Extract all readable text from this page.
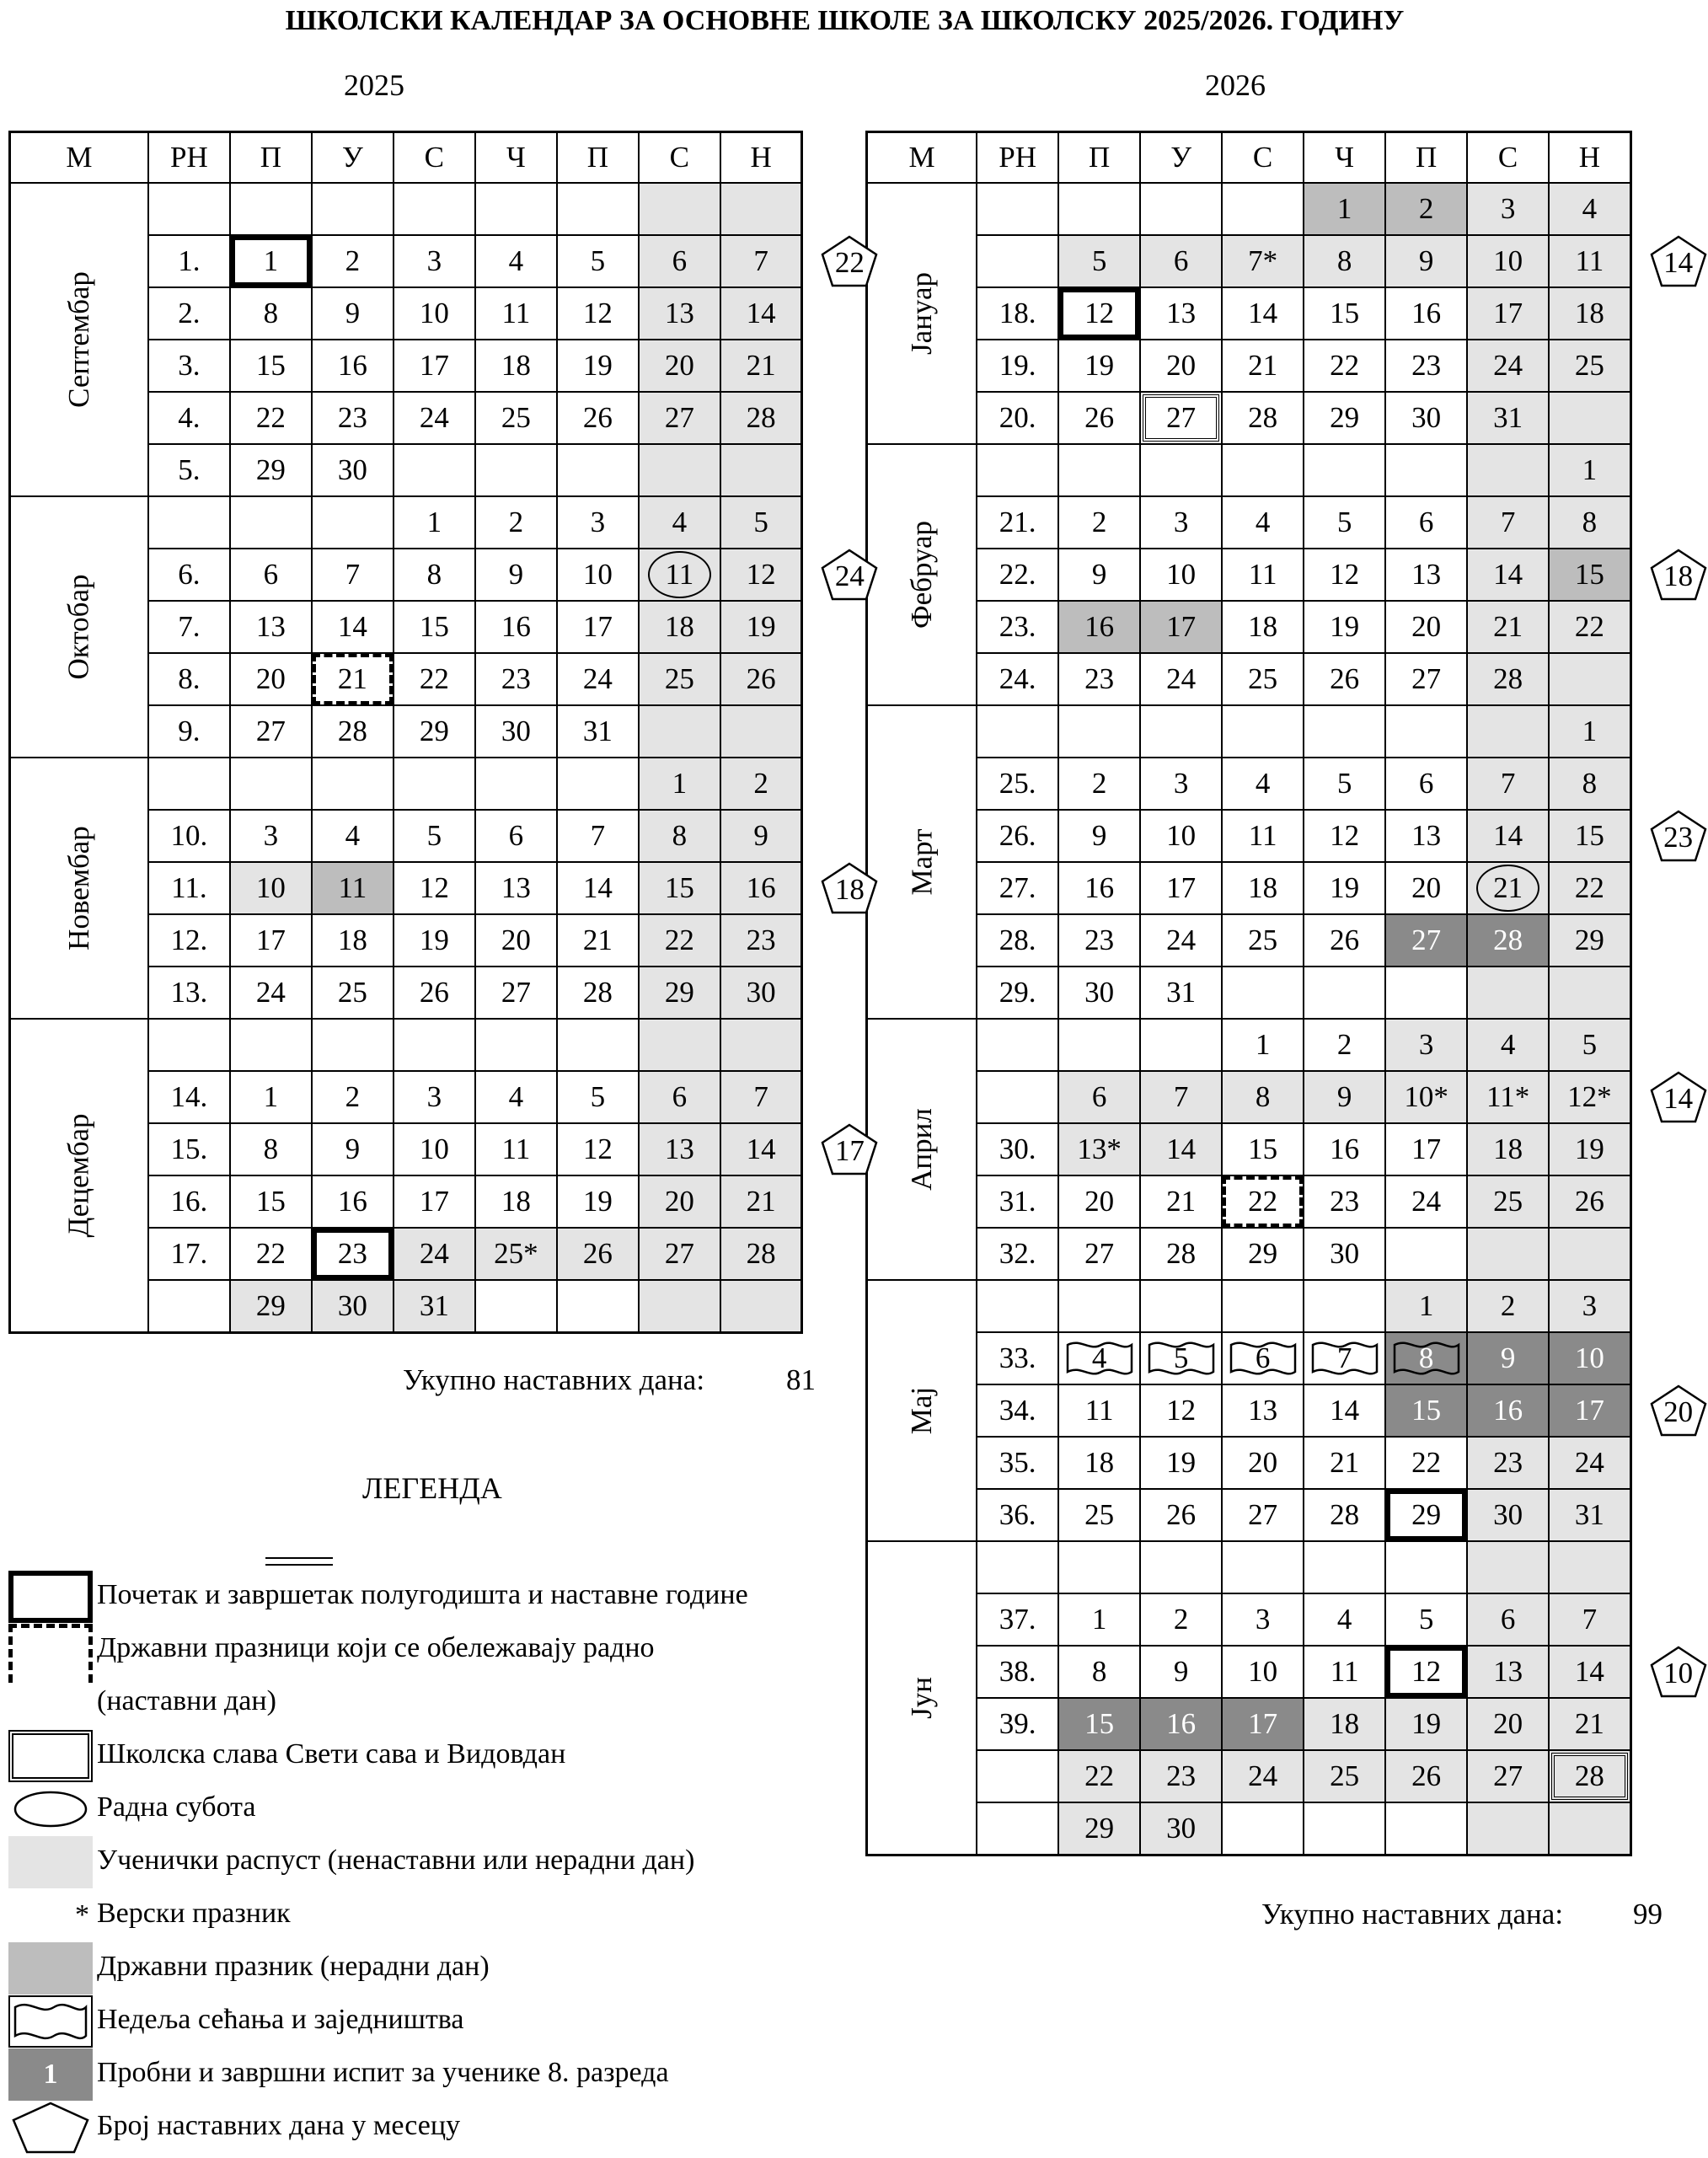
ШКОЛСКИ КАЛЕНДАР ЗА ОСНОВНЕ ШКОЛЕ ЗА ШКОЛСКУ 2025/2026. ГОДИНУ
2025	2026
М	РН	П	У	С	Ч	П	С	Н
Септембар								
	1.	1	2	3	4	5	6	7
	2.	8	9	10	11	12	13	14
	3.	15	16	17	18	19	20	21
	4.	22	23	24	25	26	27	28
	5.	29	30					
Октобар				1	2	3	4	5
	6.	6	7	8	9	10	11	12
	7.	13	14	15	16	17	18	19
	8.	20	21	22	23	24	25	26
	9.	27	28	29	30	31		
Новембар							1	2
	10.	3	4	5	6	7	8	9
	11.	10	11	12	13	14	15	16
	12.	17	18	19	20	21	22	23
	13.	24	25	26	27	28	29	30
Децембар								
	14.	1	2	3	4	5	6	7
	15.	8	9	10	11	12	13	14
	16.	15	16	17	18	19	20	21
	17.	22	23	24	25*	26	27	28
		29	30	31				
М	РН	П	У	С	Ч	П	С	Н
Јануар					1	2	3	4
		5	6	7*	8	9	10	11
	18.	12	13	14	15	16	17	18
	19.	19	20	21	22	23	24	25
	20.	26	27	28	29	30	31	
Фебруар								1
	21.	2	3	4	5	6	7	8
	22.	9	10	11	12	13	14	15
	23.	16	17	18	19	20	21	22
	24.	23	24	25	26	27	28	
Март								1
	25.	2	3	4	5	6	7	8
	26.	9	10	11	12	13	14	15
	27.	16	17	18	19	20	21	22
	28.	23	24	25	26	27	28	29
	29.	30	31					
Април				1	2	3	4	5
		6	7	8	9	10*	11*	12*
	30.	13*	14	15	16	17	18	19
	31.	20	21	22	23	24	25	26
	32.	27	28	29	30			
Мај						1	2	3
	33.	4	5	6	7	8	9	10
	34.	11	12	13	14	15	16	17
	35.	18	19	20	21	22	23	24
	36.	25	26	27	28	29	30	31
Јун								
	37.	1	2	3	4	5	6	7
	38.	8	9	10	11	12	13	14
	39.	15	16	17	18	19	20	21
		22	23	24	25	26	27	28
		29	30					
22
24
18
17
14
18
23
14
20
10
Укупно наставних дана:	81
Укупно наставних дана: 99
ЛЕГЕНДА
Почетак и завршетак полугодишта и наставне године
Државни празници који се обележавају радно
(наставни дан)
Школска слава Свети сава и Видовдан
Радна субота
Ученички распуст (ненаставни или нерадни дан)
* Верски празник
Државни празник (нерадни дан)
Недеља сећања и заједништва
1	Пробни и завршни испит за ученике 8. разреда
Број наставних дана у месецу
